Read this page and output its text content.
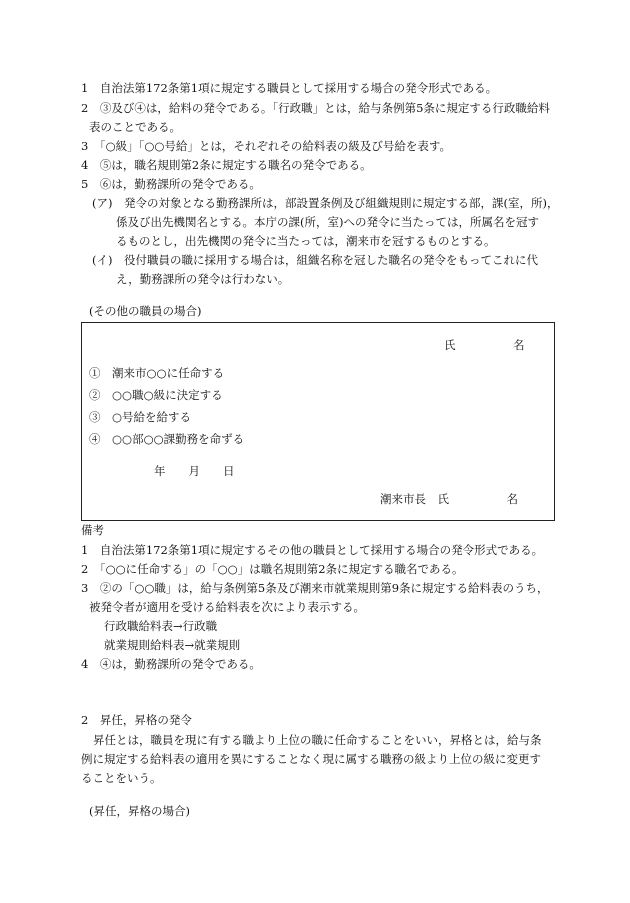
1　自治法第172条第1項に規定する職員として採用する場合の発令形式である。
2　③及び④は，給料の発令である。「行政職」とは，給与条例第5条に規定する行政職給料
表のことである。
3　「○級」「○○号給」とは，それぞれその給料表の級及び号給を表す。
4　⑤は，職名規則第2条に規定する職名の発令である。
5　⑥は，勤務課所の発令である。
(ア)　発令の対象となる勤務課所は，部設置条例及び組織規則に規定する部，課(室，所)，
係及び出先機関名とする。本庁の課(所，室)への発令に当たっては，所属名を冠す
るものとし，出先機関の発令に当たっては，潮来市を冠するものとする。
(イ)　役付職員の職に採用する場合は，組織名称を冠した職名の発令をもってこれに代
え，勤務課所の発令は行わない。
(その他の職員の場合)
氏　　　　　名
①　潮来市○○に任命する
②　○○職○級に決定する
③　○号給を給する
④　○○部○○課勤務を命ずる
年　　月　　日
潮来市長　氏　　　　　名
備考
1　自治法第172条第1項に規定するその他の職員として採用する場合の発令形式である。
2　「○○に任命する」の「○○」は職名規則第2条に規定する職名である。
3　②の「○○職」は，給与条例第5条及び潮来市就業規則第9条に規定する給料表のうち，
被発令者が適用を受ける給料表を次により表示する。
行政職給料表→行政職
就業規則給料表→就業規則
4　④は，勤務課所の発令である。
2　昇任，昇格の発令
昇任とは，職員を現に有する職より上位の職に任命することをいい，昇格とは，給与条
例に規定する給料表の適用を異にすることなく現に属する職務の級より上位の級に変更す
ることをいう。
(昇任，昇格の場合)
